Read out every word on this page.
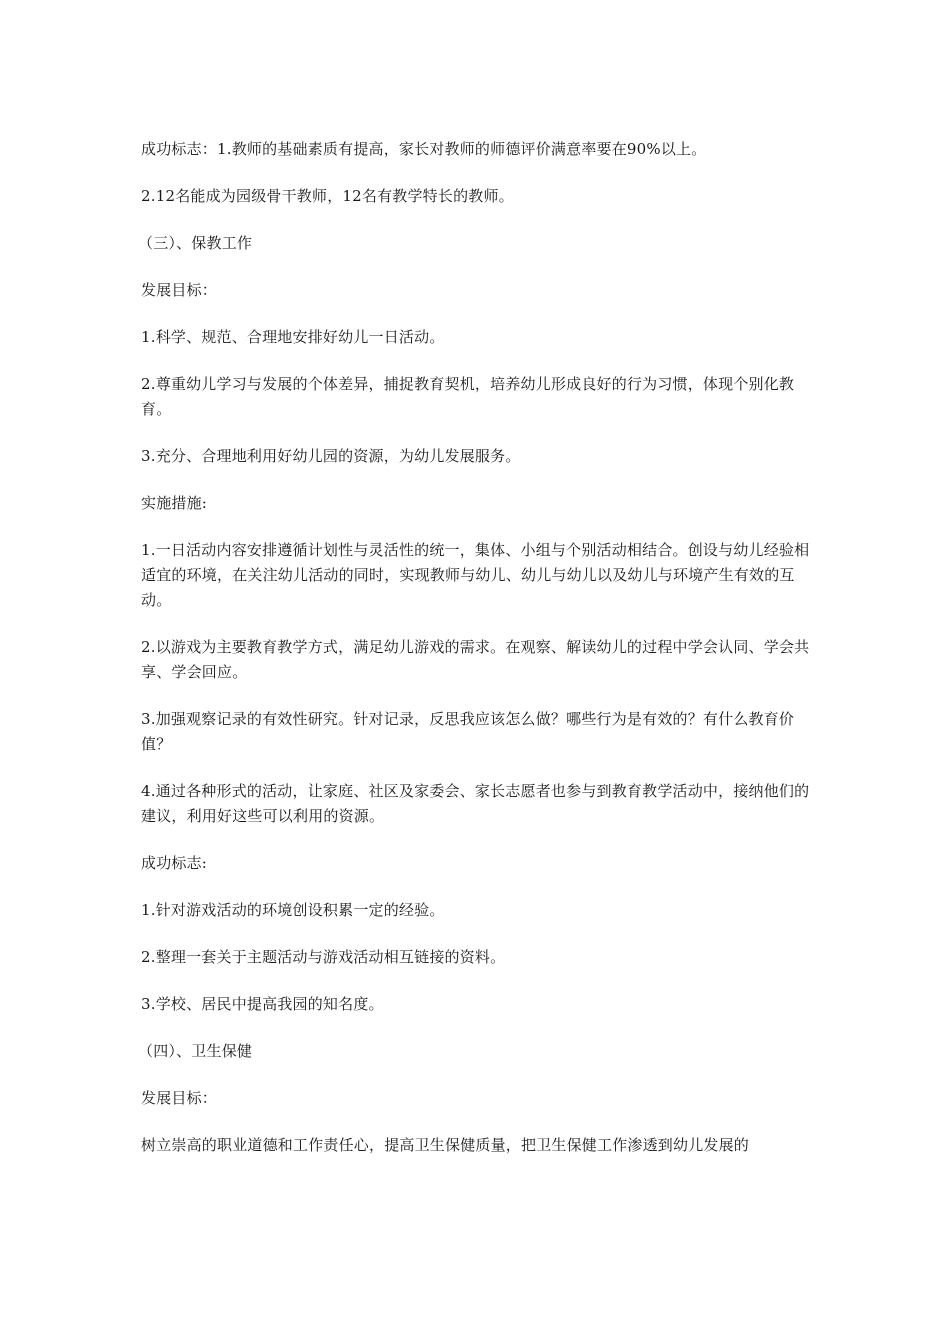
成功标志：1.教师的基础素质有提高，家长对教师的师德评价满意率要在90%以上。

2.12名能成为园级骨干教师，12名有教学特长的教师。

（三）、保教工作

发展目标：

1.科学、规范、合理地安排好幼儿一日活动。

2.尊重幼儿学习与发展的个体差异，捕捉教育契机，培养幼儿形成良好的行为习惯，体现个别化教育。

3.充分、合理地利用好幼儿园的资源，为幼儿发展服务。

实施措施:

1.一日活动内容安排遵循计划性与灵活性的统一，集体、小组与个别活动相结合。创设与幼儿经验相适宜的环境，在关注幼儿活动的同时，实现教师与幼儿、幼儿与幼儿以及幼儿与环境产生有效的互动。

2.以游戏为主要教育教学方式，满足幼儿游戏的需求。在观察、解读幼儿的过程中学会认同、学会共享、学会回应。

3.加强观察记录的有效性研究。针对记录，反思我应该怎么做？哪些行为是有效的？有什么教育价值？

4.通过各种形式的活动，让家庭、社区及家委会、家长志愿者也参与到教育教学活动中，接纳他们的建议，利用好这些可以利用的资源。

成功标志:

1.针对游戏活动的环境创设积累一定的经验。

2.整理一套关于主题活动与游戏活动相互链接的资料。

3.学校、居民中提高我园的知名度。

（四）、卫生保健

发展目标：

树立崇高的职业道德和工作责任心，提高卫生保健质量，把卫生保健工作渗透到幼儿发展的
